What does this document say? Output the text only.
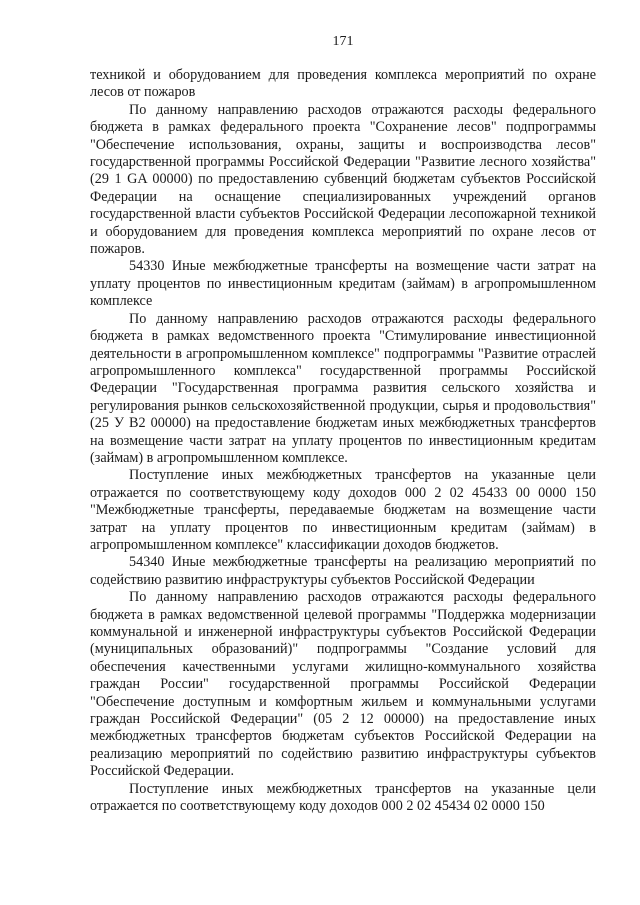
171

техникой и оборудованием для проведения комплекса мероприятий по охране лесов от пожаров

По данному направлению расходов отражаются расходы федерального бюджета в рамках федерального проекта "Сохранение лесов" подпрограммы "Обеспечение использования, охраны, защиты и воспроизводства лесов" государственной программы Российской Федерации "Развитие лесного хозяйства" (29 1 GA 00000) по предоставлению субвенций бюджетам субъектов Российской Федерации на оснащение специализированных учреждений органов государственной власти субъектов Российской Федерации лесопожарной техникой и оборудованием для проведения комплекса мероприятий по охране лесов от пожаров.

54330 Иные межбюджетные трансферты на возмещение части затрат на уплату процентов по инвестиционным кредитам (займам) в агропромышленном комплексе

По данному направлению расходов отражаются расходы федерального бюджета в рамках ведомственного проекта "Стимулирование инвестиционной деятельности в агропромышленном комплексе" подпрограммы "Развитие отраслей агропромышленного комплекса" государственной программы Российской Федерации "Государственная программа развития сельского хозяйства и регулирования рынков сельскохозяйственной продукции, сырья и продовольствия" (25 У В2 00000) на предоставление бюджетам иных межбюджетных трансфертов на возмещение части затрат на уплату процентов по инвестиционным кредитам (займам) в агропромышленном комплексе.

Поступление иных межбюджетных трансфертов на указанные цели отражается по соответствующему коду доходов 000 2 02 45433 00 0000 150 "Межбюджетные трансферты, передаваемые бюджетам на возмещение части затрат на уплату процентов по инвестиционным кредитам (займам) в агропромышленном комплексе" классификации доходов бюджетов.

54340 Иные межбюджетные трансферты на реализацию мероприятий по содействию развитию инфраструктуры субъектов Российской Федерации

По данному направлению расходов отражаются расходы федерального бюджета в рамках ведомственной целевой программы "Поддержка модернизации коммунальной и инженерной инфраструктуры субъектов Российской Федерации (муниципальных образований)" подпрограммы "Создание условий для обеспечения качественными услугами жилищно-коммунального хозяйства граждан России" государственной программы Российской Федерации "Обеспечение доступным и комфортным жильем и коммунальными услугами граждан Российской Федерации" (05 2 12 00000) на предоставление иных межбюджетных трансфертов бюджетам субъектов Российской Федерации на реализацию мероприятий по содействию развитию инфраструктуры субъектов Российской Федерации.

Поступление иных межбюджетных трансфертов на указанные цели отражается по соответствующему коду доходов 000 2 02 45434 02 0000 150
